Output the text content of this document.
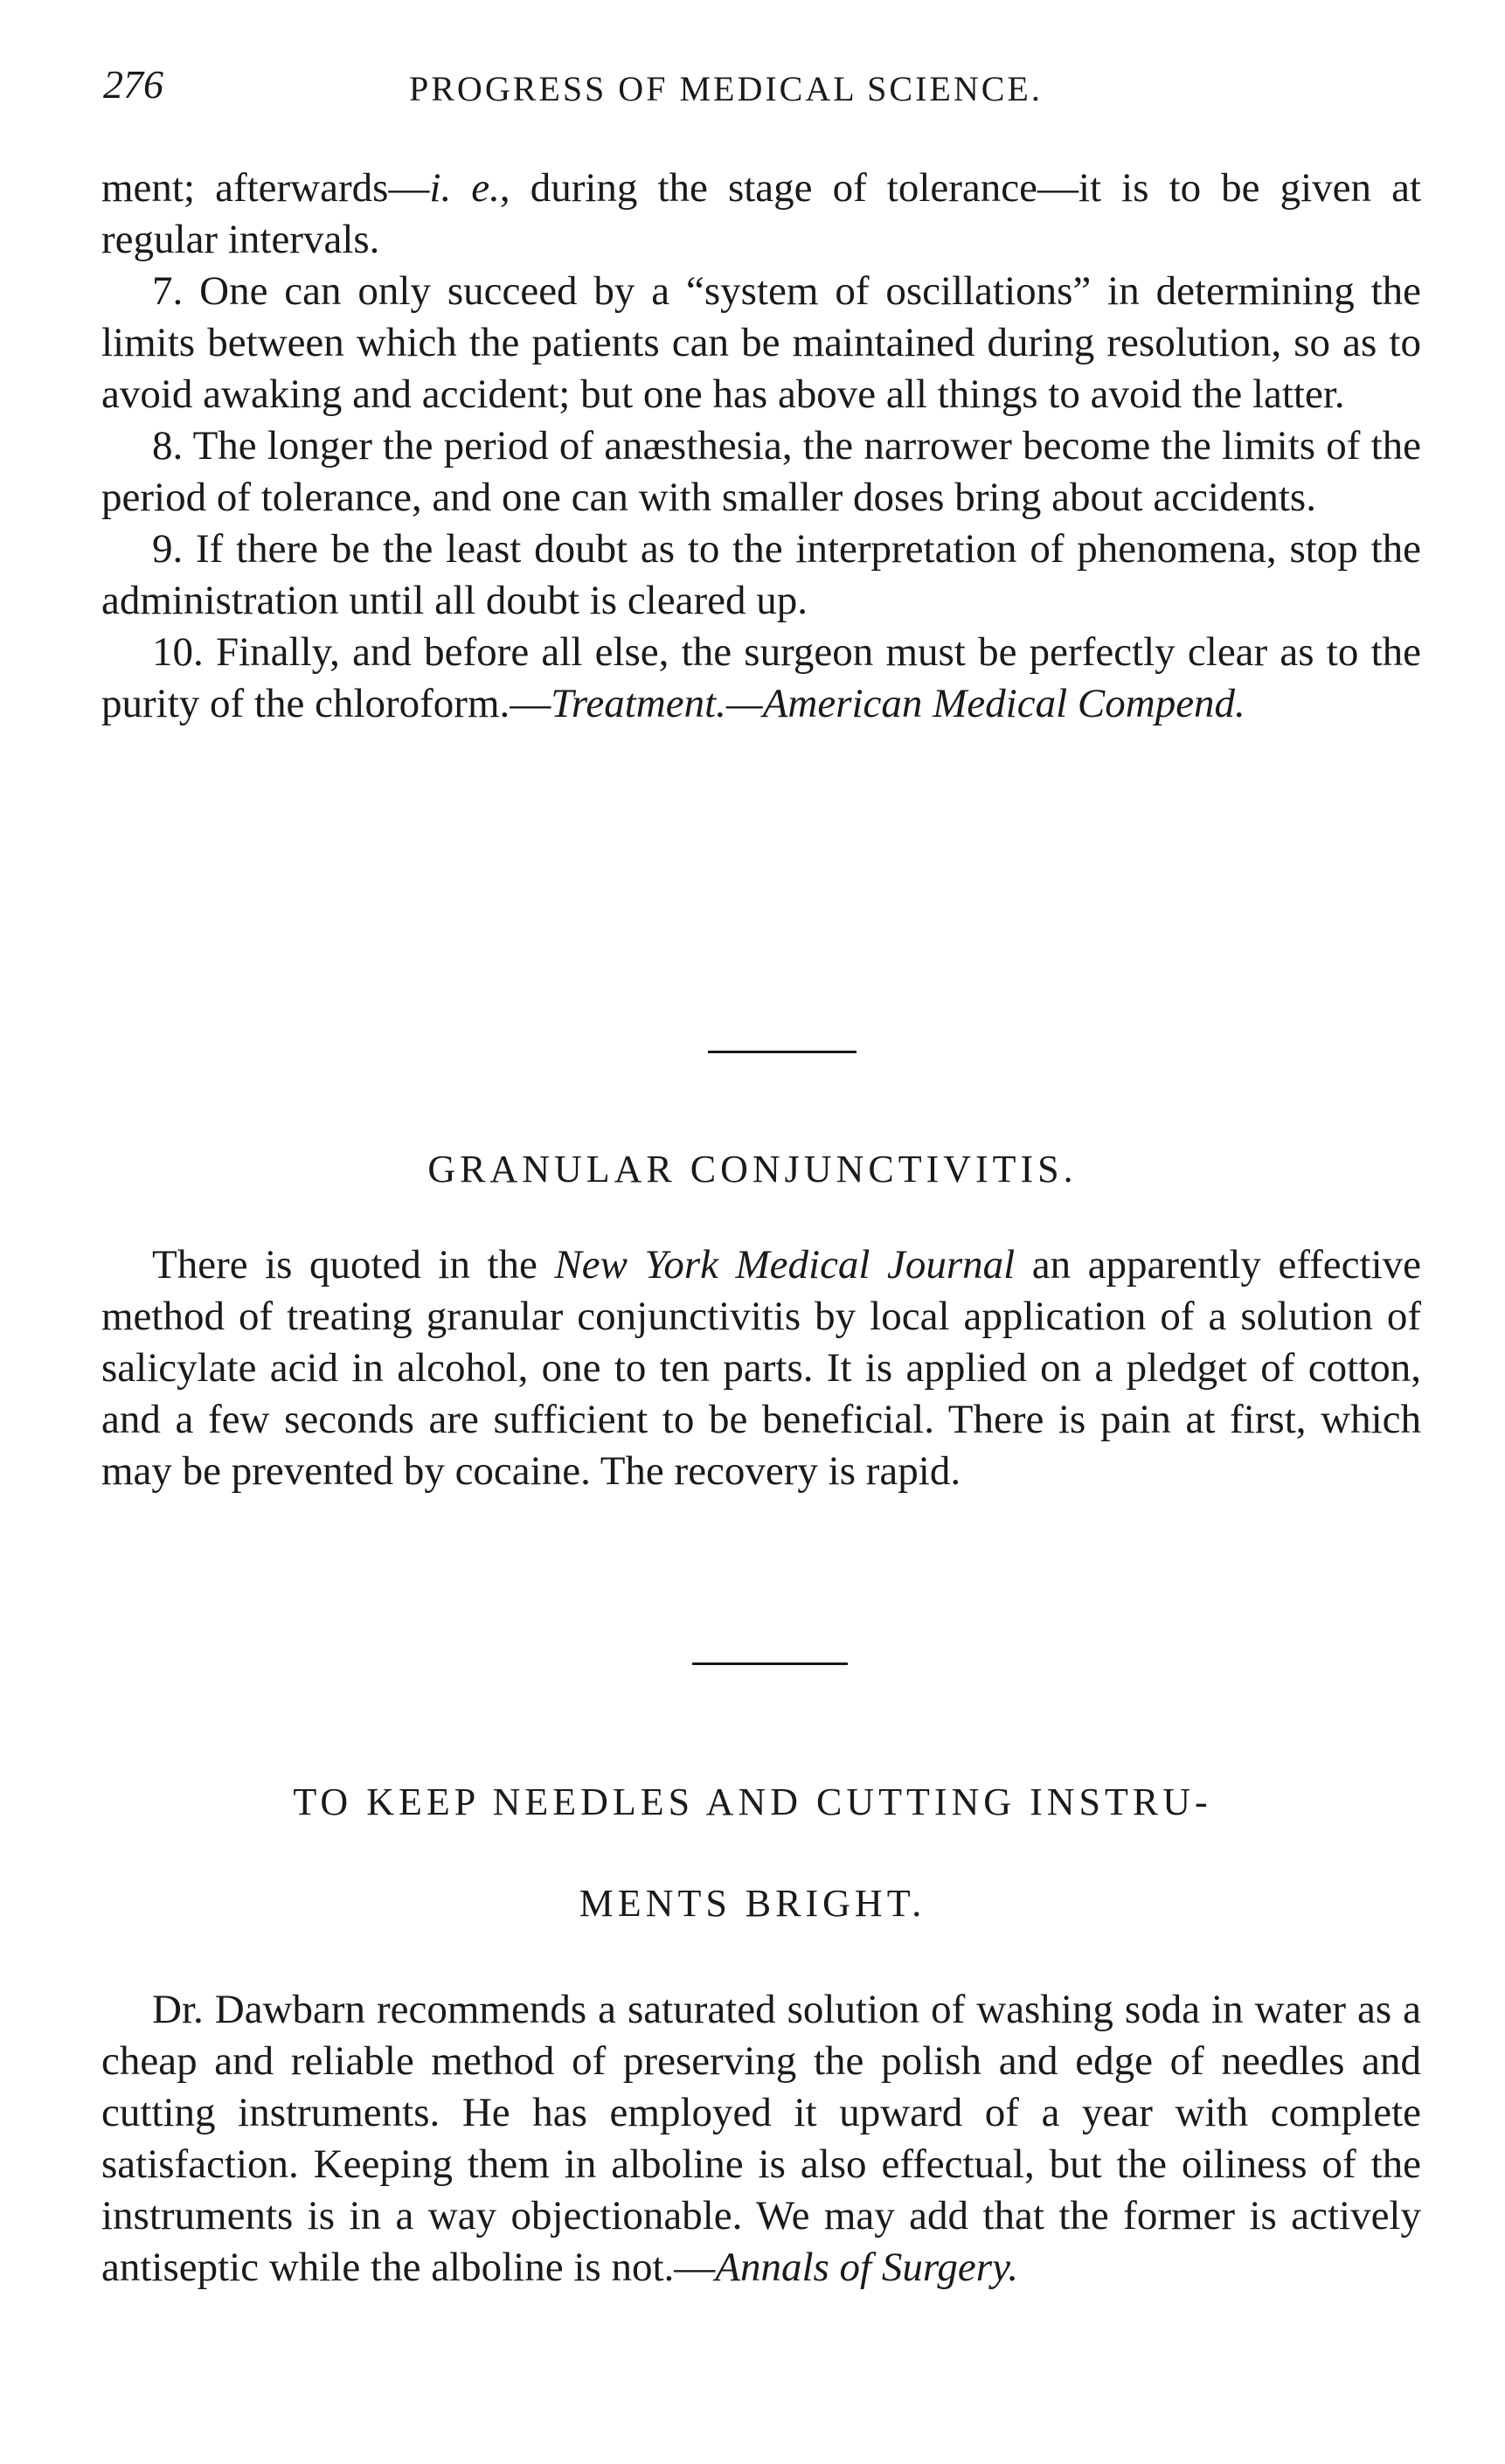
276	PROGRESS OF MEDICAL SCIENCE.

ment; afterwards—i. e., during the stage of tolerance—it is to be given at regular intervals.

7. One can only succeed by a “system of oscillations” in determining the limits between which the patients can be maintained during resolution, so as to avoid awaking and accident; but one has above all things to avoid the latter.

8. The longer the period of anæsthesia, the narrower become the limits of the period of tolerance, and one can with smaller doses bring about accidents.

9. If there be the least doubt as to the interpretation of phenomena, stop the administration until all doubt is cleared up.

10. Finally, and before all else, the surgeon must be perfectly clear as to the purity of the chloroform.—Treatment.—American Medical Compend.

GRANULAR CONJUNCTIVITIS.

There is quoted in the New York Medical Journal an apparently effective method of treating granular conjunctivitis by local application of a solution of salicylate acid in alcohol, one to ten parts. It is applied on a pledget of cotton, and a few seconds are sufficient to be beneficial. There is pain at first, which may be prevented by cocaine. The recovery is rapid.

TO KEEP NEEDLES AND CUTTING INSTRU-
MENTS BRIGHT.

Dr. Dawbarn recommends a saturated solution of washing soda in water as a cheap and reliable method of preserving the polish and edge of needles and cutting instruments. He has employed it upward of a year with complete satisfaction. Keeping them in alboline is also effectual, but the oiliness of the instruments is in a way objectionable. We may add that the former is actively antiseptic while the alboline is not.—Annals of Surgery.
